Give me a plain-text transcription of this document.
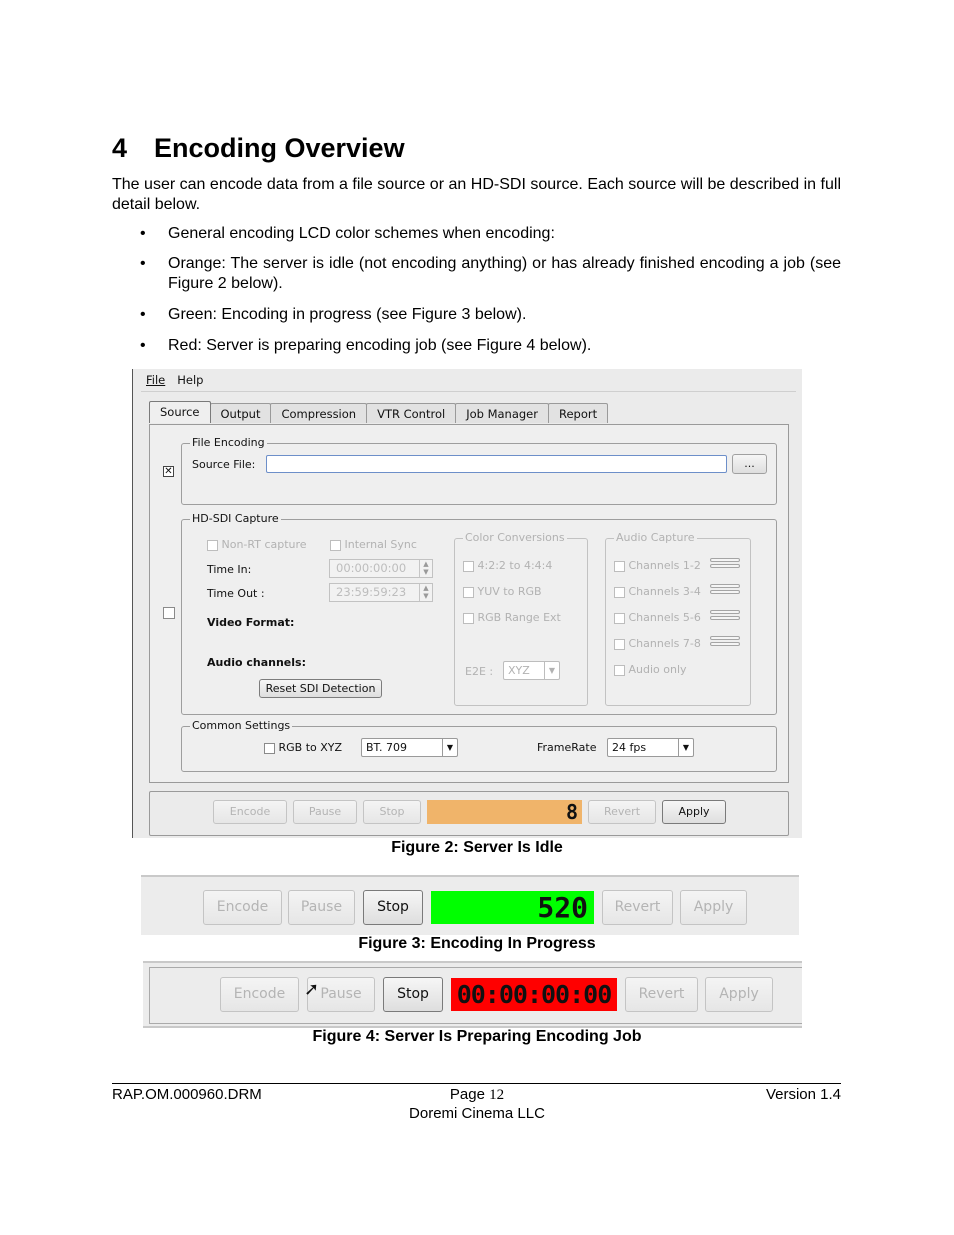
4 Encoding Overview

The user can encode data from a file source or an HD-SDI source. Each source will be described in full detail below.

• General encoding LCD color schemes when encoding:
• Orange: The server is idle (not encoding anything) or has already finished encoding a job (see Figure 2 below).
• Green: Encoding in progress (see Figure 3 below).
• Red: Server is preparing encoding job (see Figure 4 below).
File Help
Source	Output	Compression	VTR Control	Job Manager	Report
✕
File Encoding
Source File:	...
HD-SDI Capture
Non-RT capture	Internal Sync
Time In:	00:00:00:00	▲
▼
Time Out :	23:59:59:23	▲
▼
Video Format:
Audio channels:
Reset SDI Detection
Color Conversions
4:2:2 to 4:4:4
YUV to RGB
RGB Range Ext
E2E :	XYZ	▼
Audio Capture
Channels 1-2
Channels 3-4
Channels 5-6
Channels 7-8
Audio only
Common Settings
RGB to XYZ	BT. 709	▼	FrameRate	24 fps	▼
Encode	Pause	Stop	8	Revert	Apply
Figure 2: Server Is Idle
Encode	Pause	Stop	520	Revert	Apply
Figure 3: Encoding In Progress
Encode	Pause
➚	Stop	00:00:00:00	Revert	Apply
Figure 4: Server Is Preparing Encoding Job
RAP.OM.000960.DRM	Page 12	Version 1.4
Doremi Cinema LLC
